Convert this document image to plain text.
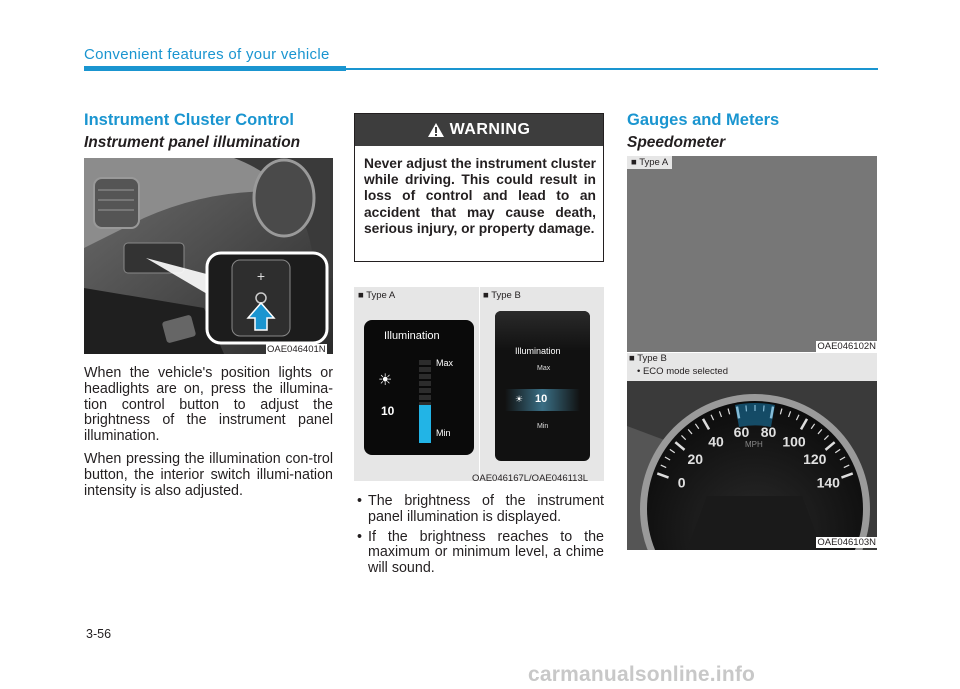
Convenient features of your vehicle
Instrument Cluster Control
Instrument panel illumination
+
OAE046401N
When the vehicle's position lights or headlights are on, press the illumina-tion control button to adjust the brightness of the instrument panel illumination.
When pressing the illumination con-trol button, the interior switch illumi-nation intensity is also adjusted.
WARNING
Never adjust the instrument cluster while driving. This could result in loss of control and lead to an accident that may cause death, serious injury, or property damage.
■ Type A	■ Type B
Illumination
Max
Min
☀
10
Illumination
Max
☀ 10
Min
OAE046167L/OAE046113L
• The brightness of the instrument panel illumination is displayed.
• If the brightness reaches to the maximum or minimum level, a chime will sound.
Gauges and Meters
Speedometer
■ Type A
OAE046102N
■ Type B
• ECO mode selected
MPH
0
20
40
60 80
100
120
140
OAE046103N
3-56
carmanualsonline.info
